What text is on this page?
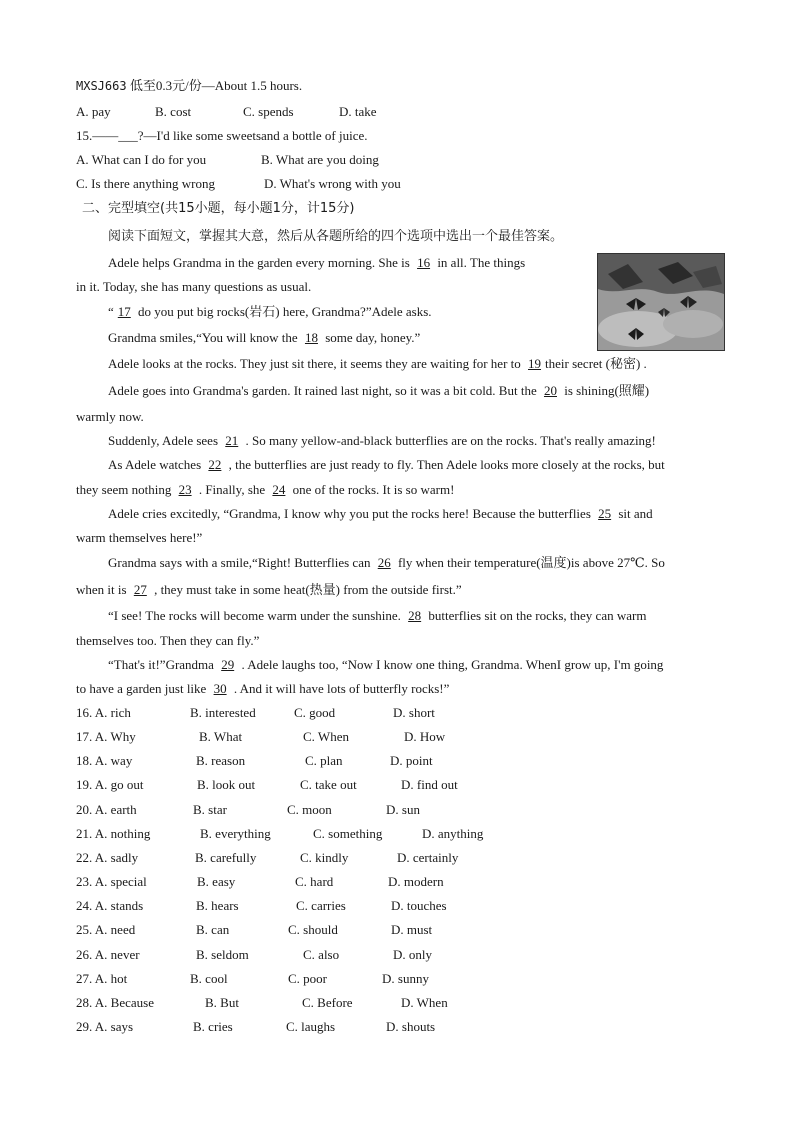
MXSJ663 低至0.3元/份—About 1.5 hours.
A. pay	B. cost	C. spends	D. take
15.——___?—I'd like some sweetsand a bottle of juice.
A. What can I do for you	B. What are you doing
C. Is there anything wrong	D. What's wrong with you
二、完型填空(共15小题，每小题1分，计15分)
阅读下面短文，掌握其大意，然后从各题所给的四个选项中选出一个最佳答案。
Adele helps Grandma in the garden every morning. She is 16 in all. The things
in it. Today, she has many questions as usual.
“ 17 do you put big rocks(岩石) here, Grandma?”Adele asks.
Grandma smiles,“You will know the 18 some day, honey.”
Adele looks at the rocks. They just sit there, it seems they are waiting for her to 19 their secret (秘密) .
Adele goes into Grandma's garden. It rained last night, so it was a bit cold. But the 20 is shining(照耀)
warmly now.
Suddenly, Adele sees 21 . So many yellow-and-black butterflies are on the rocks. That's really amazing!
As Adele watches 22 , the butterflies are just ready to fly. Then Adele looks more closely at the rocks, but
they seem nothing 23 . Finally, she 24 one of the rocks. It is so warm!
Adele cries excitedly, “Grandma, I know why you put the rocks here! Because the butterflies 25 sit and
warm themselves here!”
Grandma says with a smile,“Right! Butterflies can 26 fly when their temperature(温度)is above 27℃. So
when it is 27 , they must take in some heat(热量) from the outside first.”
“I see! The rocks will become warm under the sunshine. 28 butterflies sit on the rocks, they can warm
themselves too. Then they can fly.”
“That's it!”Grandma 29 . Adele laughs too, “Now I know one thing, Grandma. WhenI grow up, I'm going
to have a garden just like 30 . And it will have lots of butterfly rocks!”
16. A. rich	B. interested	C. good	D. short
17. A. Why	B. What	C. When	D. How
18. A. way	B. reason	C. plan	D. point
19. A. go out	B. look out	C. take out	D. find out
20. A. earth	B. star	C. moon	D. sun
21. A. nothing	B. everything	C. something	D. anything
22. A. sadly	B. carefully	C. kindly	D. certainly
23. A. special	B. easy	C. hard	D. modern
24. A. stands	B. hears	C. carries	D. touches
25. A. need	B. can	C. should	D. must
26. A. never	B. seldom	C. also	D. only
27. A. hot	B. cool	C. poor	D. sunny
28. A. Because	B. But	C. Before	D. When
29. A. says	B. cries	C. laughs	D. shouts
